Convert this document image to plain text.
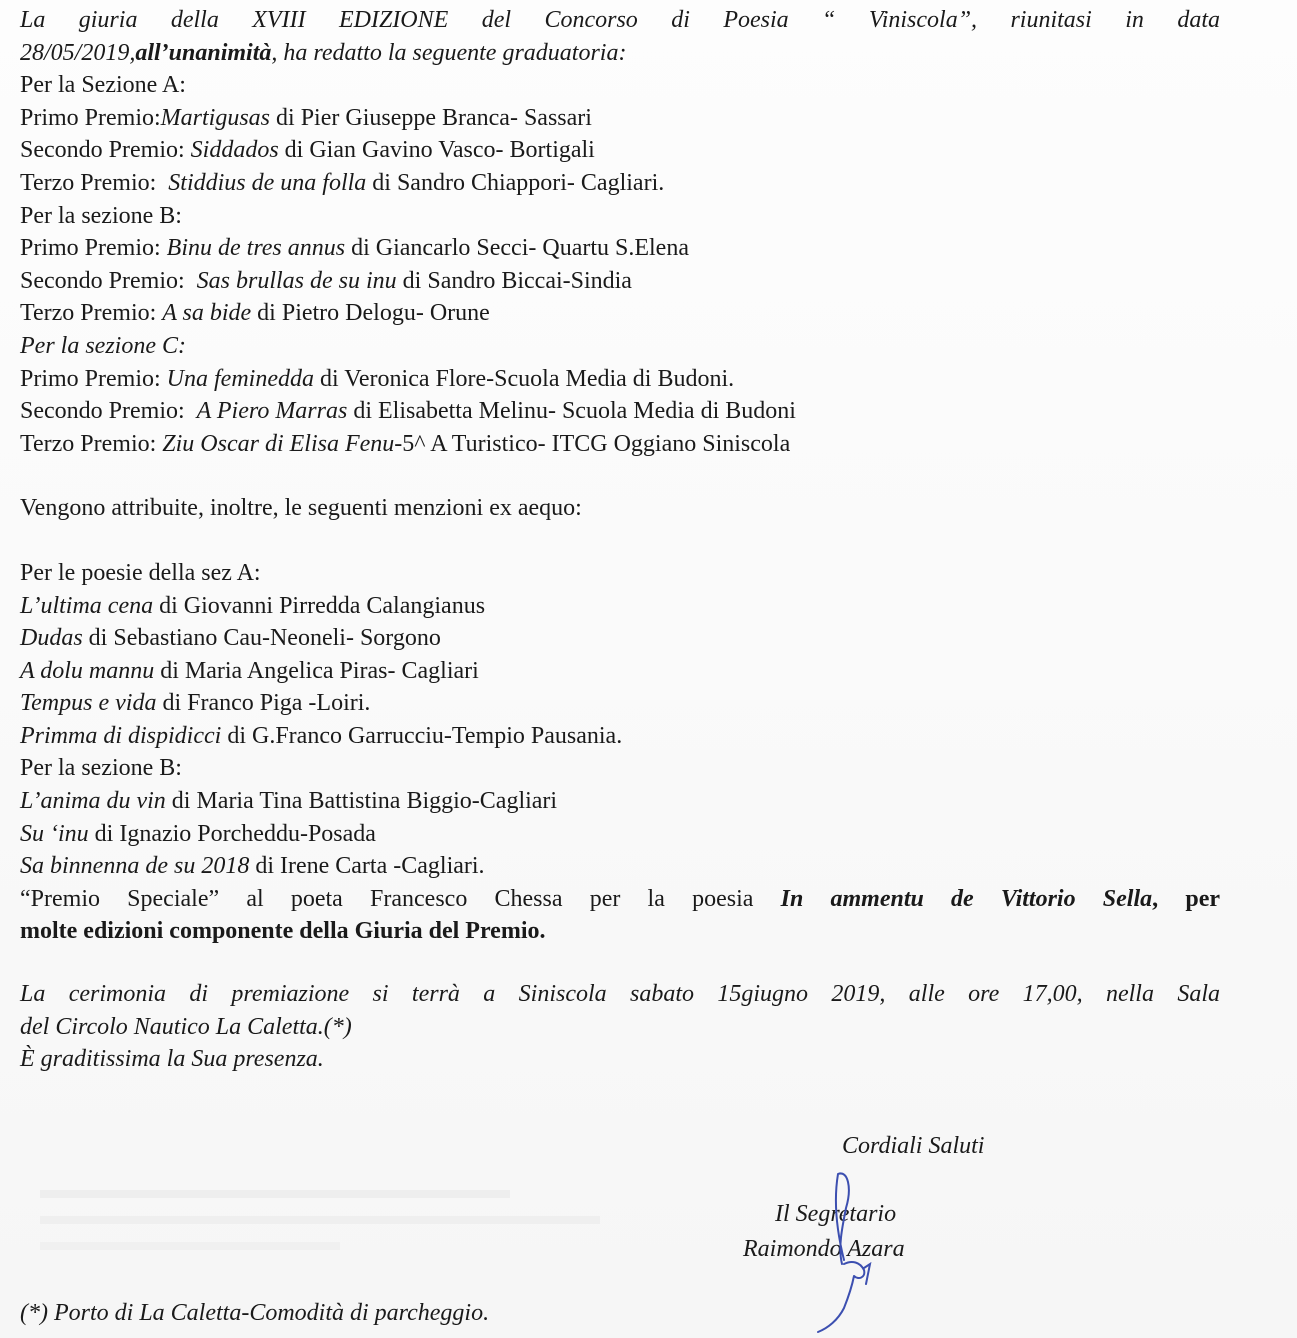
La giuria della XVIII EDIZIONE del Concorso di Poesia “ Viniscola”, riunitasi in data
28/05/2019,all’unanimità, ha redatto la seguente graduatoria:
Per la Sezione A:
Primo Premio:Martigusas di Pier Giuseppe Branca- Sassari
Secondo Premio: Siddados di Gian Gavino Vasco- Bortigali
Terzo Premio:  Stiddius de una folla di Sandro Chiappori- Cagliari.
Per la sezione B:
Primo Premio: Binu de tres annus di Giancarlo Secci- Quartu S.Elena
Secondo Premio:  Sas brullas de su inu di Sandro Biccai-Sindia
Terzo Premio: A sa bide di Pietro Delogu- Orune
Per la sezione C:
Primo Premio: Una feminedda di Veronica Flore-Scuola Media di Budoni.
Secondo Premio:  A Piero Marras di Elisabetta Melinu- Scuola Media di Budoni
Terzo Premio: Ziu Oscar di Elisa Fenu-5^ A Turistico- ITCG Oggiano Siniscola
Vengono attribuite, inoltre, le seguenti menzioni ex aequo:
Per le poesie della sez A:
L’ultima cena di Giovanni Pirredda Calangianus
Dudas di Sebastiano Cau-Neoneli- Sorgono
A dolu mannu di Maria Angelica Piras- Cagliari
Tempus e vida di Franco Piga -Loiri.
Primma di dispidicci di G.Franco Garrucciu-Tempio Pausania.
Per la sezione B:
L’anima du vin di Maria Tina Battistina Biggio-Cagliari
Su ‘inu di Ignazio Porcheddu-Posada
Sa binnenna de su 2018 di Irene Carta -Cagliari.
“Premio Speciale” al poeta Francesco Chessa per la poesia In ammentu de Vittorio Sella, per
molte edizioni componente della Giuria del Premio.
La cerimonia di premiazione si terrà a Siniscola sabato 15giugno 2019, alle ore 17,00, nella Sala
del Circolo Nautico La Caletta.(*)
È graditissima la Sua presenza.
Cordiali Saluti
Il Segretario
Raimondo Azara
(*) Porto di La Caletta-Comodità di parcheggio.
